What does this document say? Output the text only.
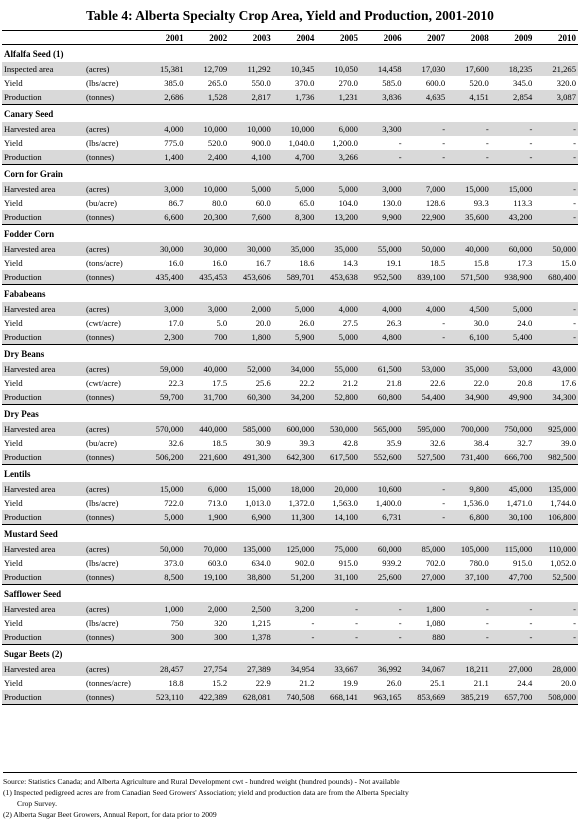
Table 4: Alberta Specialty Crop Area, Yield and Production, 2001-2010
		2001	2002	2003	2004	2005	2006	2007	2008	2009	2010
Alfalfa Seed (1)											
Inspected area	(acres)	15,381	12,709	11,292	10,345	10,050	14,458	17,030	17,600	18,235	21,265
Yield	(lbs/acre)	385.0	265.0	550.0	370.0	270.0	585.0	600.0	520.0	345.0	320.0
Production	(tonnes)	2,686	1,528	2,817	1,736	1,231	3,836	4,635	4,151	2,854	3,087
Canary Seed											
Harvested area	(acres)	4,000	10,000	10,000	10,000	6,000	3,300	-	-	-	-
Yield	(lbs/acre)	775.0	520.0	900.0	1,040.0	1,200.0	-	-	-	-	-
Production	(tonnes)	1,400	2,400	4,100	4,700	3,266	-	-	-	-	-
Corn for Grain											
Harvested area	(acres)	3,000	10,000	5,000	5,000	5,000	3,000	7,000	15,000	15,000	-
Yield	(bu/acre)	86.7	80.0	60.0	65.0	104.0	130.0	128.6	93.3	113.3	-
Production	(tonnes)	6,600	20,300	7,600	8,300	13,200	9,900	22,900	35,600	43,200	-
Fodder Corn											
Harvested area	(acres)	30,000	30,000	30,000	35,000	35,000	55,000	50,000	40,000	60,000	50,000
Yield	(tons/acre)	16.0	16.0	16.7	18.6	14.3	19.1	18.5	15.8	17.3	15.0
Production	(tonnes)	435,400	435,453	453,606	589,701	453,638	952,500	839,100	571,500	938,900	680,400
Fababeans											
Harvested area	(acres)	3,000	3,000	2,000	5,000	4,000	4,000	4,000	4,500	5,000	-
Yield	(cwt/acre)	17.0	5.0	20.0	26.0	27.5	26.3	-	30.0	24.0	-
Production	(tonnes)	2,300	700	1,800	5,900	5,000	4,800	-	6,100	5,400	-
Dry Beans											
Harvested area	(acres)	59,000	40,000	52,000	34,000	55,000	61,500	53,000	35,000	53,000	43,000
Yield	(cwt/acre)	22.3	17.5	25.6	22.2	21.2	21.8	22.6	22.0	20.8	17.6
Production	(tonnes)	59,700	31,700	60,300	34,200	52,800	60,800	54,400	34,900	49,900	34,300
Dry Peas											
Harvested area	(acres)	570,000	440,000	585,000	600,000	530,000	565,000	595,000	700,000	750,000	925,000
Yield	(bu/acre)	32.6	18.5	30.9	39.3	42.8	35.9	32.6	38.4	32.7	39.0
Production	(tonnes)	506,200	221,600	491,300	642,300	617,500	552,600	527,500	731,400	666,700	982,500
Lentils											
Harvested area	(acres)	15,000	6,000	15,000	18,000	20,000	10,600	-	9,800	45,000	135,000
Yield	(lbs/acre)	722.0	713.0	1,013.0	1,372.0	1,563.0	1,400.0	-	1,536.0	1,471.0	1,744.0
Production	(tonnes)	5,000	1,900	6,900	11,300	14,100	6,731	-	6,800	30,100	106,800
Mustard Seed											
Harvested area	(acres)	50,000	70,000	135,000	125,000	75,000	60,000	85,000	105,000	115,000	110,000
Yield	(lbs/acre)	373.0	603.0	634.0	902.0	915.0	939.2	702.0	780.0	915.0	1,052.0
Production	(tonnes)	8,500	19,100	38,800	51,200	31,100	25,600	27,000	37,100	47,700	52,500
Safflower Seed											
Harvested area	(acres)	1,000	2,000	2,500	3,200	-	-	1,800	-	-	-
Yield	(lbs/acre)	750	320	1,215	-	-	-	1,080	-	-	-
Production	(tonnes)	300	300	1,378	-	-	-	880	-	-	-
Sugar Beets (2)											
Harvested area	(acres)	28,457	27,754	27,389	34,954	33,667	36,992	34,067	18,211	27,000	28,000
Yield	(tonnes/acre)	18.8	15.2	22.9	21.2	19.9	26.0	25.1	21.1	24.4	20.0
Production	(tonnes)	523,110	422,389	628,081	740,508	668,141	963,165	853,669	385,219	657,700	508,000
Source: Statistics Canada; and Alberta Agriculture and Rural Development cwt - hundred weight (hundred pounds) - Not available
(1) Inspected pedigreed acres are from Canadian Seed Growers' Association; yield and production data are from the Alberta Specialty
Crop Survey.
(2) Alberta Sugar Beet Growers, Annual Report, for data prior to 2009
